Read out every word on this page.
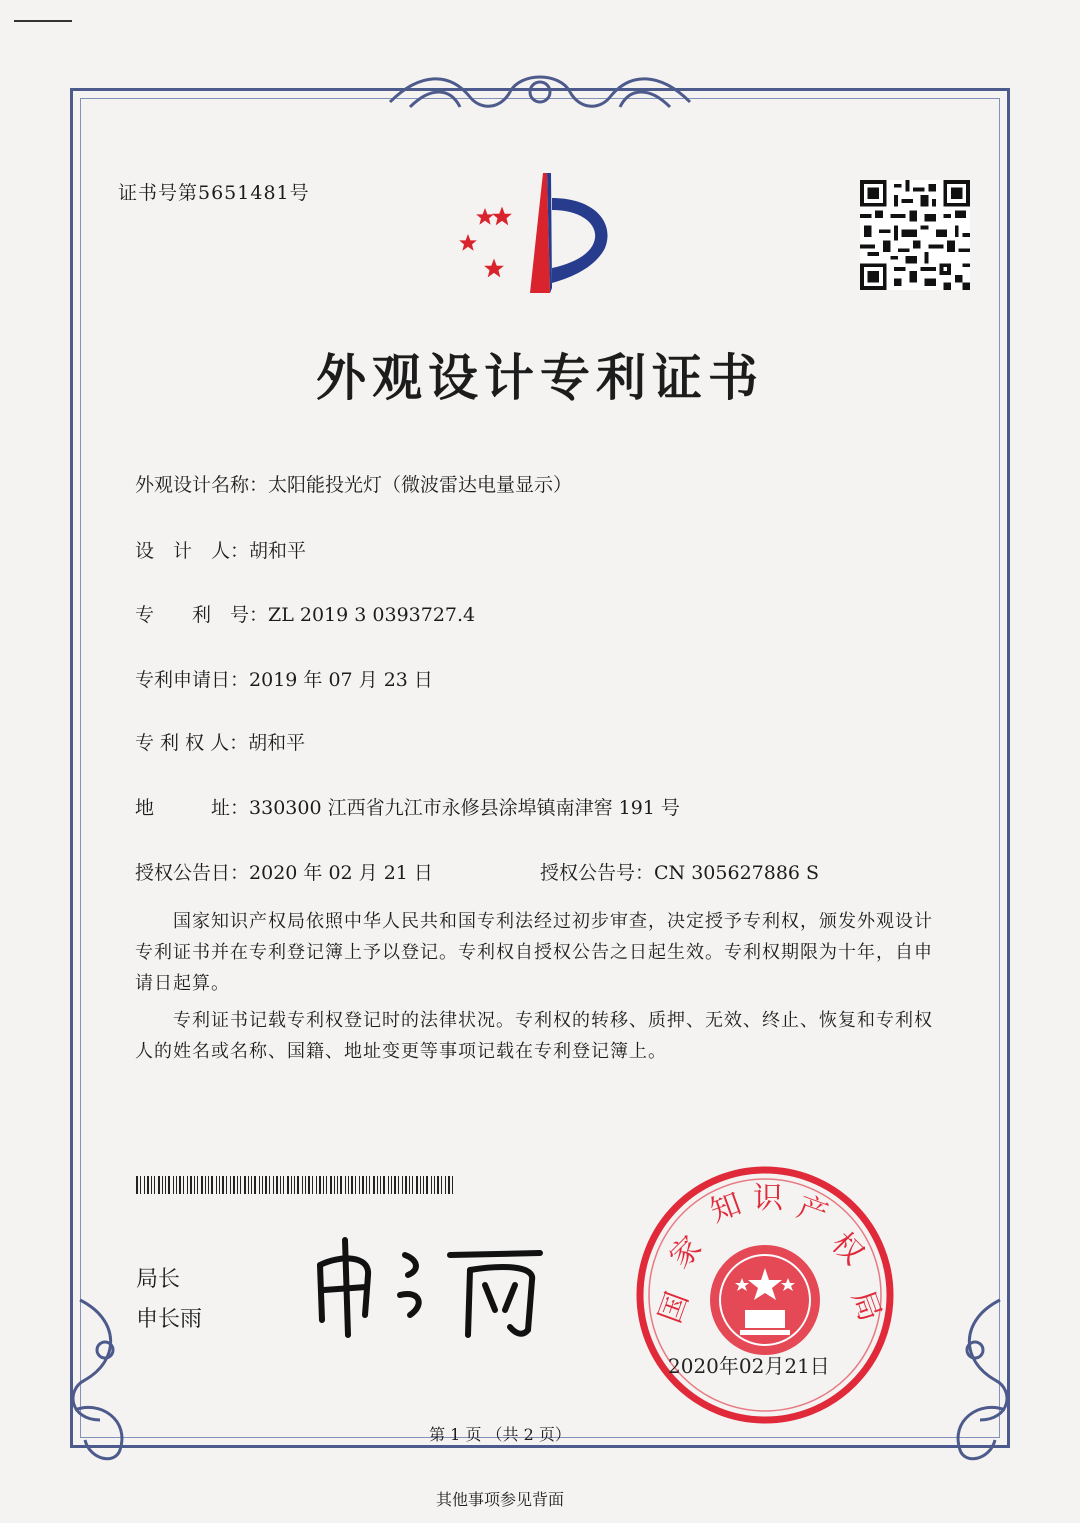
证书号第5651481号
外观设计专利证书
外观设计名称：太阳能投光灯（微波雷达电量显示）
设　计　人：胡和平
专　　利　号：ZL 2019 3 0393727.4
专利申请日：2019 年 07 月 23 日
专 利 权 人：胡和平
地　　　址：330300 江西省九江市永修县涂埠镇南津窖 191 号
授权公告日：2020 年 02 月 21 日	授权公告号：CN 305627886 S
国家知识产权局依照中华人民共和国专利法经过初步审查，决定授予专利权，颁发外观设计专利证书并在专利登记簿上予以登记。专利权自授权公告之日起生效。专利权期限为十年，自申请日起算。
专利证书记载专利权登记时的法律状况。专利权的转移、质押、无效、终止、恢复和专利权人的姓名或名称、国籍、地址变更等事项记载在专利登记簿上。
局长
申长雨	国
家
知 识 产
权
局
2020年02月21日
第 1 页 （共 2 页）
其他事项参见背面
